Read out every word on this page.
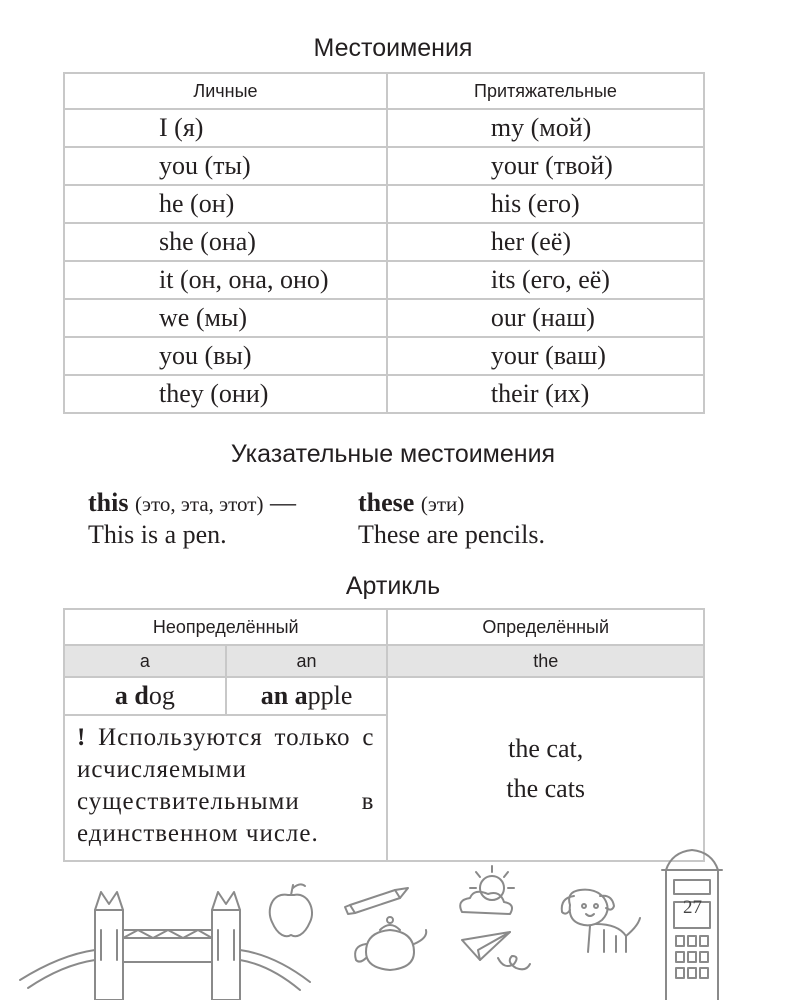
Местоимения
Личные	Притяжательные
I (я)	my (мой)
you (ты)	your (твой)
he (он)	his (его)
she (она)	her (её)
it (он, она, оно)	its (его, её)
we (мы)	our (наш)
you (вы)	your (ваш)
they (они)	their (их)
Указательные местоимения
this (это, эта, этот) — these (эти)
This is a pen.	These are pencils.
Артикль
Неопределённый		Определённый
a	an	the
a dog	an apple	the cat,
the cats

! Используются только с исчисляемыми существительными в единственном числе.		
27
